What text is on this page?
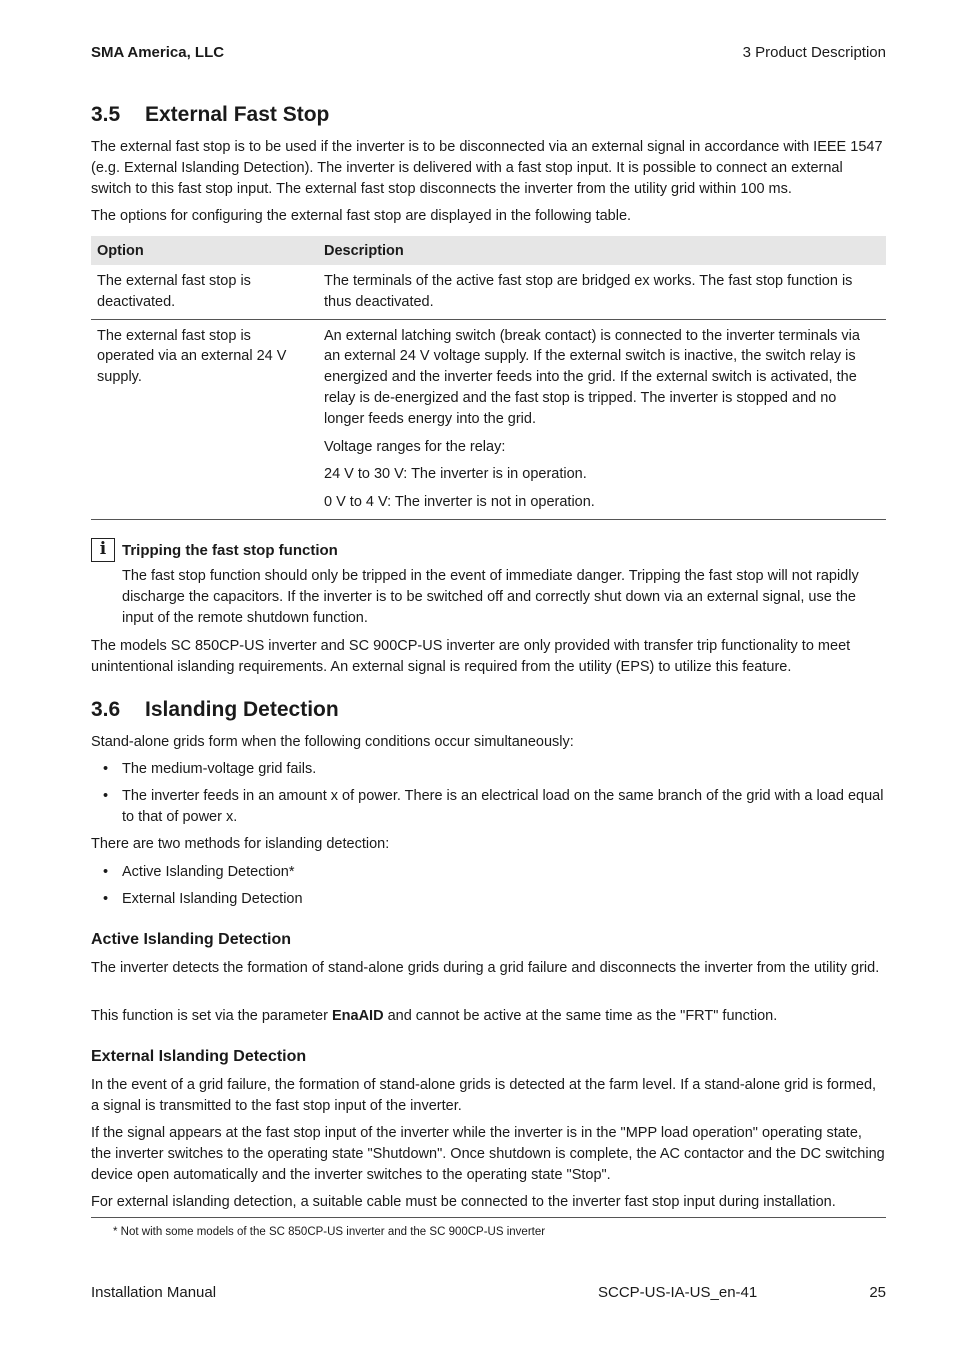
SMA America, LLC	3 Product Description
3.5 External Fast Stop

The external fast stop is to be used if the inverter is to be disconnected via an external signal in accordance with IEEE 1547 (e.g. External Islanding Detection). The inverter is delivered with a fast stop input. It is possible to connect an external switch to this fast stop input. The external fast stop disconnects the inverter from the utility grid within 100 ms.

The options for configuring the external fast stop are displayed in the following table.

Option	Description
The external fast stop is deactivated.	The terminals of the active fast stop are bridged ex works. The fast stop function is thus deactivated.
The external fast stop is operated via an external 24 V supply.	An external latching switch (break contact) is connected to the inverter terminals via an external 24 V voltage supply. If the external switch is inactive, the switch relay is energized and the inverter feeds into the grid. If the external switch is activated, the relay is de-energized and the fast stop is tripped. The inverter is stopped and no longer feeds energy into the grid.

Voltage ranges for the relay:

24 V to 30 V: The inverter is in operation.

0 V to 4 V: The inverter is not in operation.

i	Tripping the fast stop function

The fast stop function should only be tripped in the event of immediate danger. Tripping the fast stop will not rapidly discharge the capacitors. If the inverter is to be switched off and correctly shut down via an external signal, use the input of the remote shutdown function.

The models SC 850CP-US inverter and SC 900CP-US inverter are only provided with transfer trip functionality to meet unintentional islanding requirements. An external signal is required from the utility (EPS) to utilize this feature.

3.6 Islanding Detection

Stand-alone grids form when the following conditions occur simultaneously:

• The medium-voltage grid fails.
• The inverter feeds in an amount x of power. There is an electrical load on the same branch of the grid with a load equal to that of power x.

There are two methods for islanding detection:

• Active Islanding Detection*
• External Islanding Detection
Active Islanding Detection

The inverter detects the formation of stand-alone grids during a grid failure and disconnects the inverter from the utility grid.

This function is set via the parameter EnaAID and cannot be active at the same time as the "FRT" function.

External Islanding Detection

In the event of a grid failure, the formation of stand-alone grids is detected at the farm level. If a stand-alone grid is formed, a signal is transmitted to the fast stop input of the inverter.

If the signal appears at the fast stop input of the inverter while the inverter is in the "MPP load operation" operating state, the inverter switches to the operating state "Shutdown". Once shutdown is complete, the AC contactor and the DC switching device open automatically and the inverter switches to the operating state "Stop".

For external islanding detection, a suitable cable must be connected to the inverter fast stop input during installation.

* Not with some models of the SC 850CP-US inverter and the SC 900CP-US inverter
Installation Manual	SCCP-US-IA-US_en-41	25
